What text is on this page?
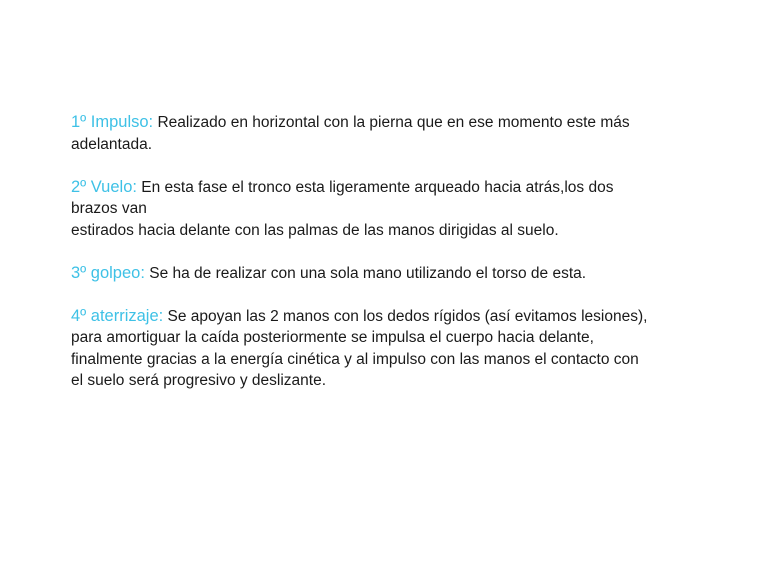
1º Impulso: Realizado en horizontal con la pierna que en ese momento este más
adelantada.

2º Vuelo: En esta fase el tronco esta ligeramente arqueado hacia atrás,los dos
brazos van
estirados hacia delante con las palmas de las manos dirigidas al suelo.

3º golpeo: Se ha de realizar con una sola mano utilizando el torso de esta.

4º aterrizaje: Se apoyan las 2 manos con los dedos rígidos (así evitamos lesiones),
para amortiguar la caída posteriormente se impulsa el cuerpo hacia delante,
finalmente gracias a la energía cinética y al impulso con las manos el contacto con
el suelo será progresivo y deslizante.
